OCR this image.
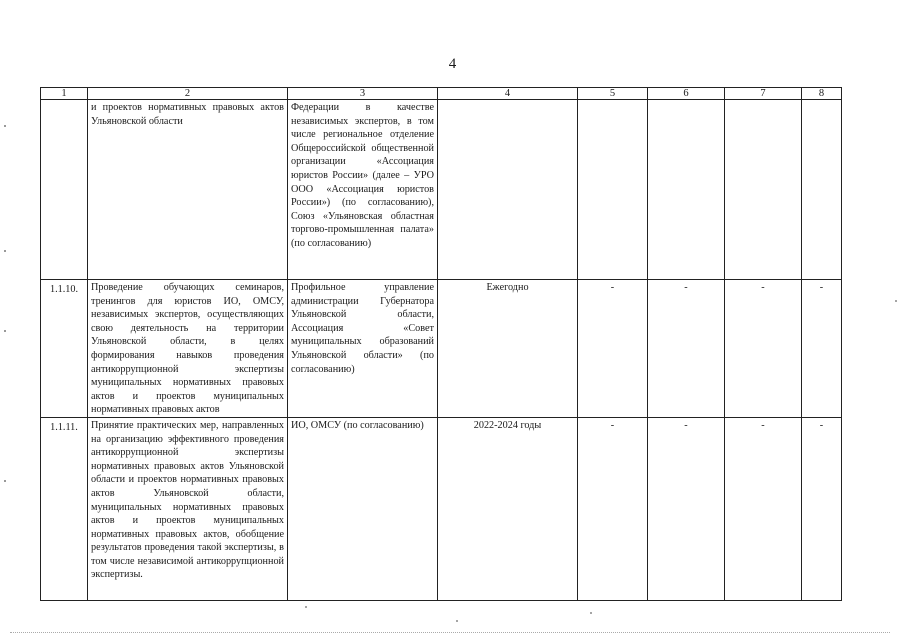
4
1	2	3	4	5	6	7	8
	и проектов нормативных правовых актов Ульяновской области	Федерации в качестве независимых экспертов, в том числе региональное отделение Общероссийской общественной организации «Ассоциация юристов России» (далее – УРО ООО «Ассоциация юристов России») (по согласованию), Союз «Ульяновская областная торгово-промышленная палата» (по согласованию)					
1.1.10.	Проведение обучающих семинаров, тренингов для юристов ИО, ОМСУ, независимых экспертов, осуществляющих свою деятельность на территории Ульяновской области, в целях формирования навыков проведения антикоррупционной экспертизы муниципальных нормативных правовых актов и проектов муниципальных нормативных правовых актов	Профильное управление администрации Губернатора Ульяновской области, Ассоциация «Совет муниципальных образований Ульяновской области» (по согласованию)	Ежегодно	-	-	-	-
1.1.11.	Принятие практических мер, направленных на организацию эффективного проведения антикоррупционной экспертизы нормативных правовых актов Ульяновской области и проектов нормативных правовых актов Ульяновской области, муниципальных нормативных правовых актов и проектов муниципальных нормативных правовых актов, обобщение результатов проведения такой экспертизы, в том числе независимой антикоррупционной экспертизы.	ИО, ОМСУ (по согласованию)	2022-2024 годы	-	-	-	-
